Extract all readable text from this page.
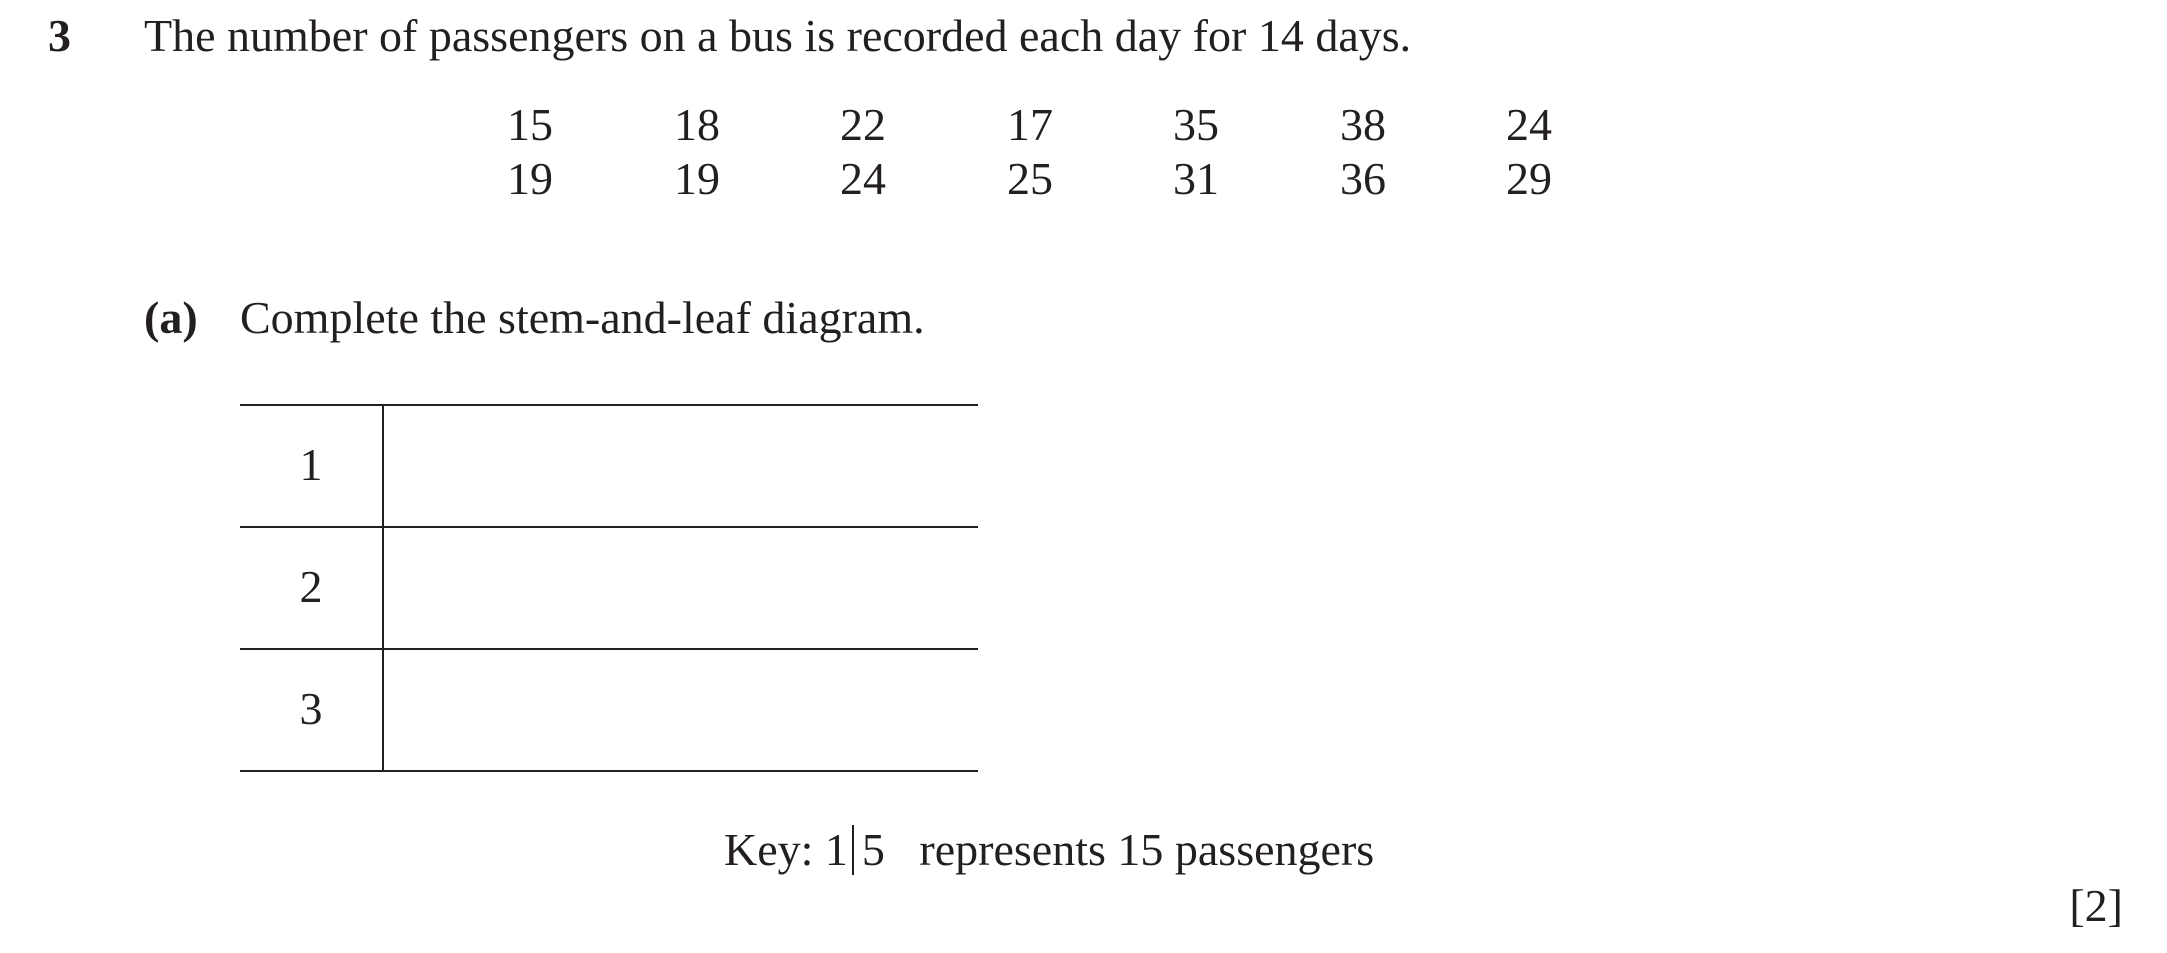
3 The number of passengers on a bus is recorded each day for 14 days.
15	18	22	17	35	38	24
19	19	24	25	31	36	29
(a) Complete the stem-and-leaf diagram.
1
2
3
Key: 1 5 represents 15 passengers
[2]
